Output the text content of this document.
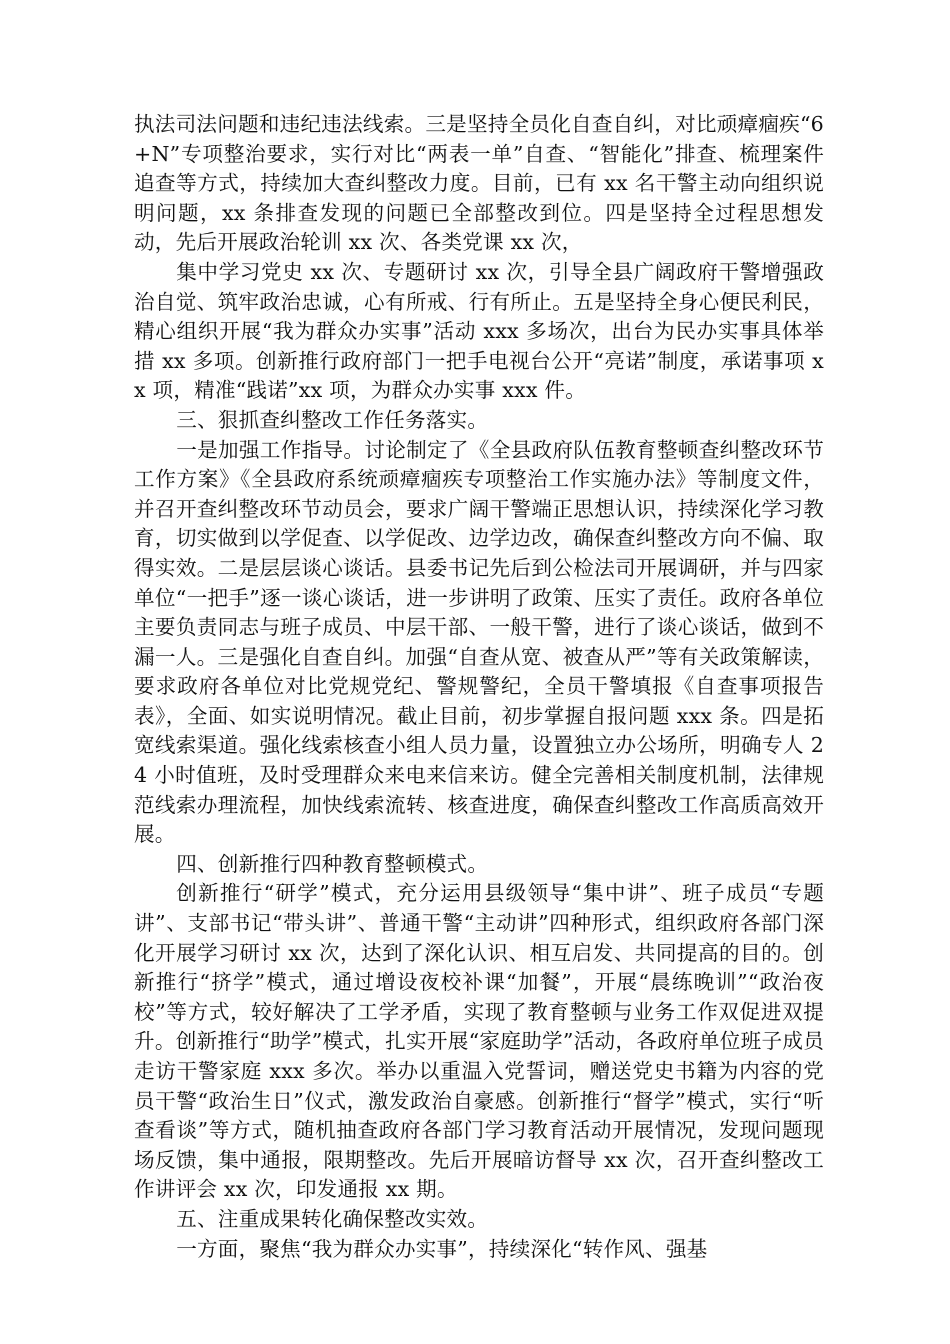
执法司法问题和违纪违法线索。三是坚持全员化自查自纠，对比顽瘴痼疾“6+N”专项整治要求，实行对比“两表一单”自查、“智能化”排查、梳理案件追查等方式，持续加大查纠整改力度。目前，已有 xx 名干警主动向组织说明问题，xx 条排查发现的问题已全部整改到位。四是坚持全过程思想发动，先后开展政治轮训 xx 次、各类党课 xx 次，

集中学习党史 xx 次、专题研讨 xx 次，引导全县广阔政府干警增强政治自觉、筑牢政治忠诚，心有所戒、行有所止。五是坚持全身心便民利民，精心组织开展“我为群众办实事”活动 xxx 多场次，出台为民办实事具体举措 xx 多项。创新推行政府部门一把手电视台公开“亮诺”制度，承诺事项 xx 项，精准“践诺”xx 项，为群众办实事 xxx 件。

三、狠抓查纠整改工作任务落实。

一是加强工作指导。讨论制定了《全县政府队伍教育整顿查纠整改环节工作方案》《全县政府系统顽瘴痼疾专项整治工作实施办法》等制度文件，并召开查纠整改环节动员会，要求广阔干警端正思想认识，持续深化学习教育，切实做到以学促查、以学促改、边学边改，确保查纠整改方向不偏、取得实效。二是层层谈心谈话。县委书记先后到公检法司开展调研，并与四家单位“一把手”逐一谈心谈话，进一步讲明了政策、压实了责任。政府各单位主要负责同志与班子成员、中层干部、一般干警，进行了谈心谈话，做到不漏一人。三是强化自查自纠。加强“自查从宽、被查从严”等有关政策解读，要求政府各单位对比党规党纪、警规警纪，全员干警填报《自查事项报告表》，全面、如实说明情况。截止目前，初步掌握自报问题 xxx 条。四是拓宽线索渠道。强化线索核查小组人员力量，设置独立办公场所，明确专人 24 小时值班，及时受理群众来电来信来访。健全完善相关制度机制，法律规范线索办理流程，加快线索流转、核查进度，确保查纠整改工作高质高效开展。

四、创新推行四种教育整顿模式。

创新推行“研学”模式，充分运用县级领导“集中讲”、班子成员“专题讲”、支部书记“带头讲”、普通干警“主动讲”四种形式，组织政府各部门深化开展学习研讨 xx 次，达到了深化认识、相互启发、共同提高的目的。创新推行“挤学”模式，通过增设夜校补课“加餐”，开展“晨练晚训”“政治夜校”等方式，较好解决了工学矛盾，实现了教育整顿与业务工作双促进双提升。创新推行“助学”模式，扎实开展“家庭助学”活动，各政府单位班子成员走访干警家庭 xxx 多次。举办以重温入党誓词，赠送党史书籍为内容的党员干警“政治生日”仪式，激发政治自豪感。创新推行“督学”模式，实行“听查看谈”等方式，随机抽查政府各部门学习教育活动开展情况，发现问题现场反馈，集中通报，限期整改。先后开展暗访督导 xx 次，召开查纠整改工作讲评会 xx 次，印发通报 xx 期。

五、注重成果转化确保整改实效。

一方面，聚焦“我为群众办实事”，持续深化“转作风、强基
